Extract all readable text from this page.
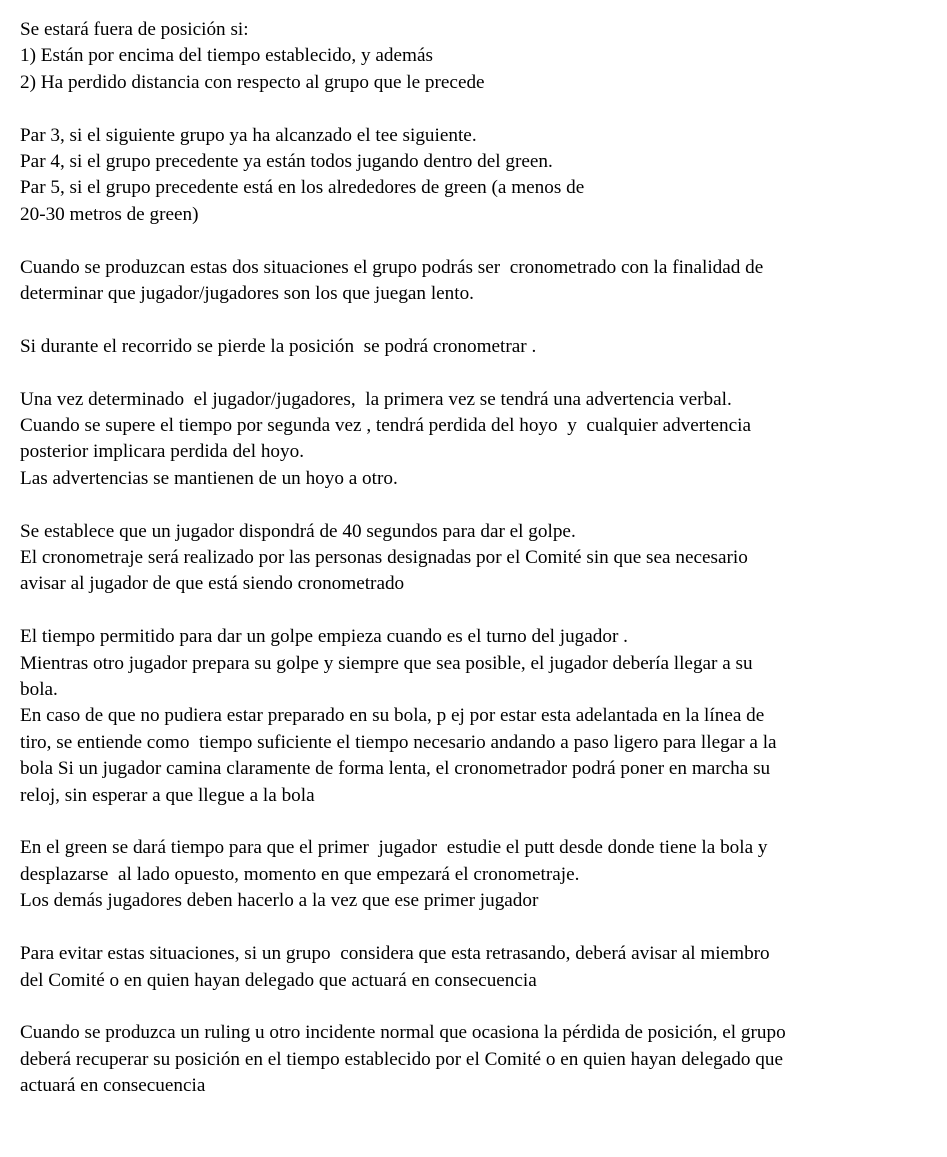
Se estará fuera de posición si:
1) Están por encima del tiempo establecido, y además
2) Ha perdido distancia con respecto al grupo que le precede
Par 3, si el siguiente grupo ya ha alcanzado el tee siguiente.
Par 4, si el grupo precedente ya están todos jugando dentro del green.
Par 5, si el grupo precedente está en los alrededores de green (a menos de
20-30 metros de green)
Cuando se produzcan estas dos situaciones el grupo podrás ser  cronometrado con la finalidad de
determinar que jugador/jugadores son los que juegan lento.
Si durante el recorrido se pierde la posición  se podrá cronometrar .
Una vez determinado  el jugador/jugadores,  la primera vez se tendrá una advertencia verbal.
Cuando se supere el tiempo por segunda vez , tendrá perdida del hoyo  y  cualquier advertencia
posterior implicara perdida del hoyo.
Las advertencias se mantienen de un hoyo a otro.
Se establece que un jugador dispondrá de 40 segundos para dar el golpe.
El cronometraje será realizado por las personas designadas por el Comité sin que sea necesario
avisar al jugador de que está siendo cronometrado
El tiempo permitido para dar un golpe empieza cuando es el turno del jugador .
Mientras otro jugador prepara su golpe y siempre que sea posible, el jugador debería llegar a su
bola.
En caso de que no pudiera estar preparado en su bola, p ej por estar esta adelantada en la línea de
tiro, se entiende como  tiempo suficiente el tiempo necesario andando a paso ligero para llegar a la
bola Si un jugador camina claramente de forma lenta, el cronometrador podrá poner en marcha su
reloj, sin esperar a que llegue a la bola
En el green se dará tiempo para que el primer  jugador  estudie el putt desde donde tiene la bola y
desplazarse  al lado opuesto, momento en que empezará el cronometraje.
Los demás jugadores deben hacerlo a la vez que ese primer jugador
Para evitar estas situaciones, si un grupo  considera que esta retrasando, deberá avisar al miembro
del Comité o en quien hayan delegado que actuará en consecuencia
Cuando se produzca un ruling u otro incidente normal que ocasiona la pérdida de posición, el grupo
deberá recuperar su posición en el tiempo establecido por el Comité o en quien hayan delegado que
actuará en consecuencia
